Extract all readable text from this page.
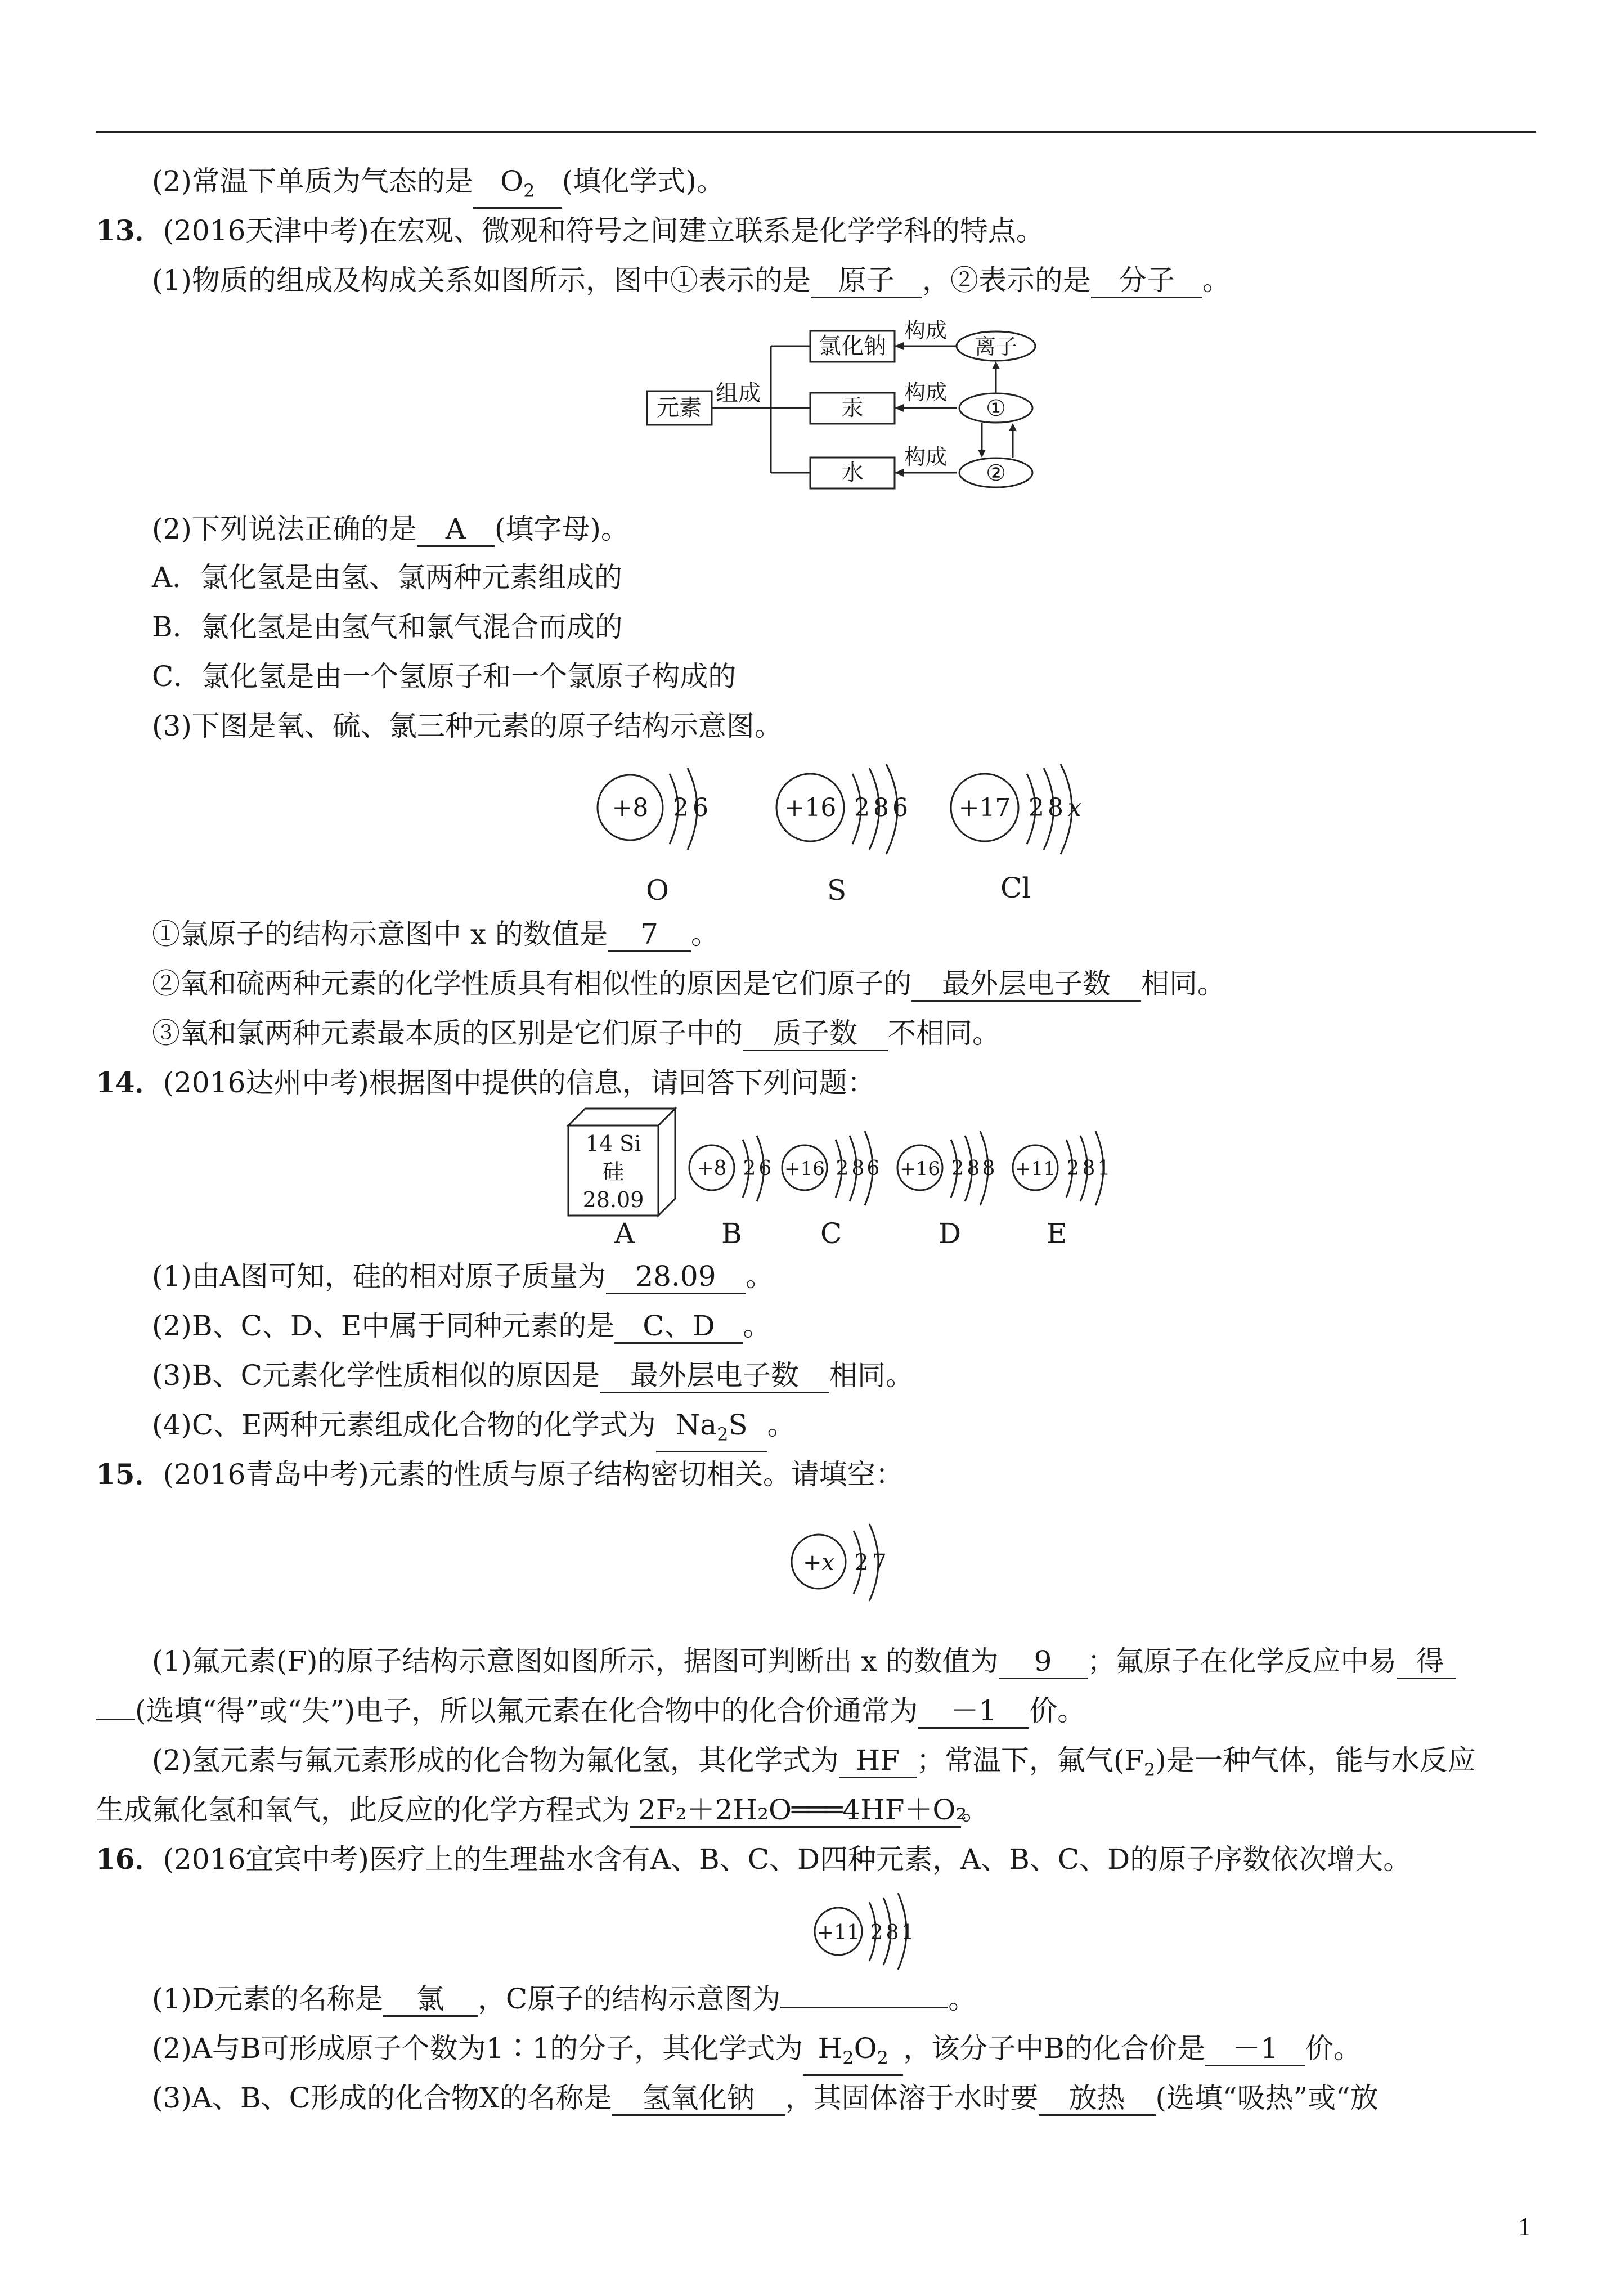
(2)常温下单质为气态的是 $O_2$ (填化学式)。
13．(2016天津中考)在宏观、微观和符号之间建立联系是化学学科的特点。
(1)物质的组成及构成关系如图所示，图中①表示的是 原子 ，②表示的是 分子 。
元素
组成
氯化钠
汞
水
构成
构成
构成
离子
①
②
(2)下列说法正确的是 A (填字母)。
A．氯化氢是由氢、氯两种元素组成的
B．氯化氢是由氢气和氯气混合而成的
C．氯化氢是由一个氢原子和一个氯原子构成的
(3)下图是氧、硫、氯三种元素的原子结构示意图。
+8 2 6
O
+16 2 8 6
S
+17 2 8 x
Cl
①氯原子的结构示意图中 x 的数值是 7 。
②氧和硫两种元素的化学性质具有相似性的原因是它们原子的 最外层电子数 相同。
③氧和氯两种元素最本质的区别是它们原子中的 质子数 不相同。
14．(2016达州中考)根据图中提供的信息，请回答下列问题：
14 Si
硅
28.09
A
+8 2 6
B
+16 2 8 6
C
+16 2 8 8
D
+11 2 8 1
E
(1)由A图可知，硅的相对原子质量为 28.09 。
(2)B、C、D、E中属于同种元素的是 C、D 。
(3)B、C元素化学性质相似的原因是 最外层电子数 相同。
(4)C、E两种元素组成化合物的化学式为 $Na_2S$ 。
15．(2016青岛中考)元素的性质与原子结构密切相关。请填空：
+x 2 7
(1)氟元素(F)的原子结构示意图如图所示，据图可判断出 x 的数值为 9 ；氟原子在化学反应中易 得
(选填“得”或“失”)电子，所以氟元素在化合物中的化合价通常为 －1 价。
(2)氢元素与氟元素形成的化合物为氟化氢，其化学式为 HF ；常温下，氟气$(F_2)$是一种气体，能与水反应
生成氟化氢和氧气，此反应的化学方程式为 2F₂＋2H₂O═══4HF＋O₂。
16．(2016宜宾中考)医疗上的生理盐水含有A、B、C、D四种元素，A、B、C、D的原子序数依次增大。
+11 2 8 1
(1)D元素的名称是 氯 ，C原子的结构示意图为	。
(2)A与B可形成原子个数为1∶1的分子，其化学式为 $H_2O_2$ ，该分子中B的化合价是 －1 价。
(3)A、B、C形成的化合物X的名称是 氢氧化钠 ，其固体溶于水时要 放热 (选填“吸热”或“放
1
